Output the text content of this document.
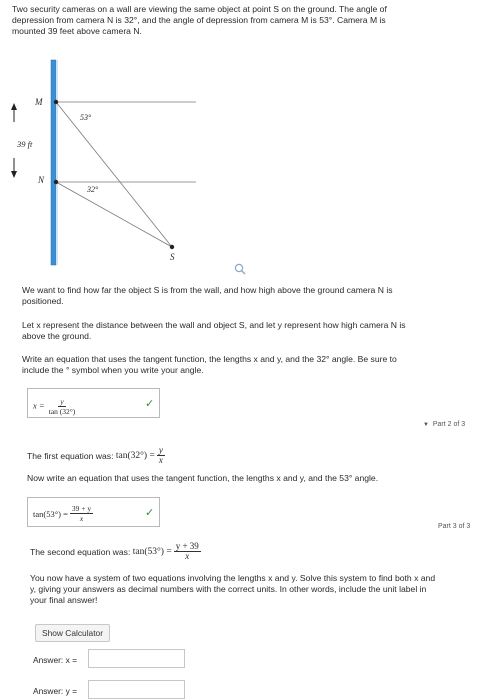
Two security cameras on a wall are viewing the same object at point S on the ground. The angle of
depression from camera N is 32°, and the angle of depression from camera M is 53°. Camera M is
mounted 39 feet above camera N.
M
N
S
39 ft
53°
32°
We want to find how far the object S is from the wall, and how high above the ground camera N is
positioned.
Let x represent the distance between the wall and object S, and let y represent how high camera N is
above the ground.
Write an equation that uses the tangent function, the lengths x and y, and the 32° angle. Be sure to
include the ° symbol when you write your angle.
$x = \frac{y}{\tan (32^\circ)}$	✓
▼ Part 2 of 3
The first equation was:
$\tan(32^\circ) = \frac{y}{x}$
Now write an equation that uses the tangent function, the lengths x and y, and the 53° angle.
$\tan(53^\circ) = \frac{39 + y}{x}$	✓
Part 3 of 3
The second equation was:
$\tan(53^\circ) = \frac{y + 39}{x}$
You now have a system of two equations involving the lengths x and y. Solve this system to find both x and
y, giving your answers as decimal numbers with the correct units. In other words, include the unit label in
your final answer!
Show Calculator
Answer: x =
Answer: y =
